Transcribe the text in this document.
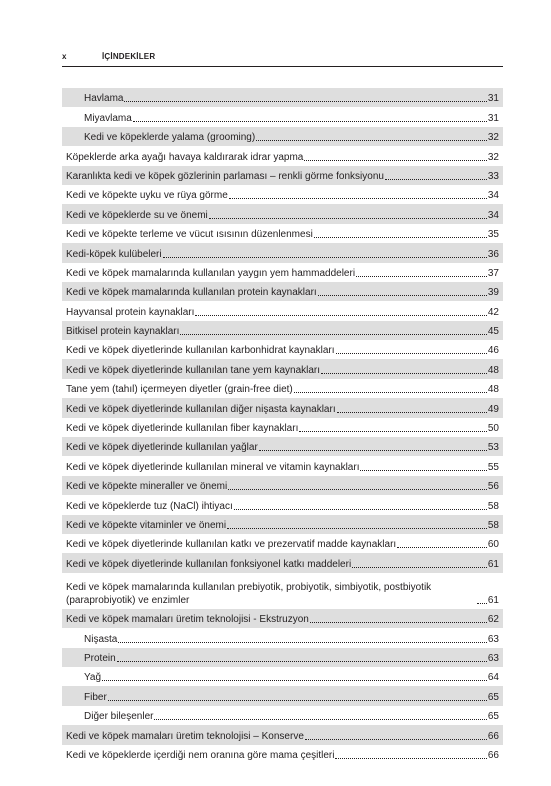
x	İÇİNDEKİLER
Havlama	31
Miyavlama	31
Kedi ve köpeklerde yalama (grooming)	32
Köpeklerde arka ayağı havaya kaldırarak idrar yapma	32
Karanlıkta kedi ve köpek gözlerinin parlaması – renkli görme fonksiyonu	33
Kedi ve köpekte uyku ve rüya görme	34
Kedi ve köpeklerde su ve önemi	34
Kedi ve köpekte terleme ve vücut ısısının düzenlenmesi	35
Kedi-köpek kulübeleri	36
Kedi ve köpek mamalarında kullanılan yaygın yem hammaddeleri	37
Kedi ve köpek mamalarında kullanılan protein kaynakları	39
Hayvansal protein kaynakları	42
Bitkisel protein kaynakları	45
Kedi ve köpek diyetlerinde kullanılan karbonhidrat kaynakları	46
Kedi ve köpek diyetlerinde kullanılan tane yem kaynakları	48
Tane yem (tahıl) içermeyen diyetler (grain-free diet)	48
Kedi ve köpek diyetlerinde kullanılan diğer nişasta kaynakları	49
Kedi ve köpek diyetlerinde kullanılan fiber kaynakları	50
Kedi ve köpek diyetlerinde kullanılan yağlar	53
Kedi ve köpek diyetlerinde kullanılan mineral ve vitamin kaynakları	55
Kedi ve köpekte mineraller ve önemi	56
Kedi ve köpeklerde tuz (NaCl) ihtiyacı	58
Kedi ve köpekte vitaminler ve önemi	58
Kedi ve köpek diyetlerinde kullanılan katkı ve prezervatif madde kaynakları	60
Kedi ve köpek diyetlerinde kullanılan fonksiyonel katkı maddeleri	61
Kedi ve köpek mamalarında kullanılan prebiyotik, probiyotik, simbiyotik, postbiyotik (paraprobiyotik) ve enzimler	61
Kedi ve köpek mamaları üretim teknolojisi - Ekstruzyon	62
Nişasta	63
Protein	63
Yağ	64
Fiber	65
Diğer bileşenler	65
Kedi ve köpek mamaları üretim teknolojisi – Konserve	66
Kedi ve köpeklerde içerdiği nem oranına göre mama çeşitleri	66
